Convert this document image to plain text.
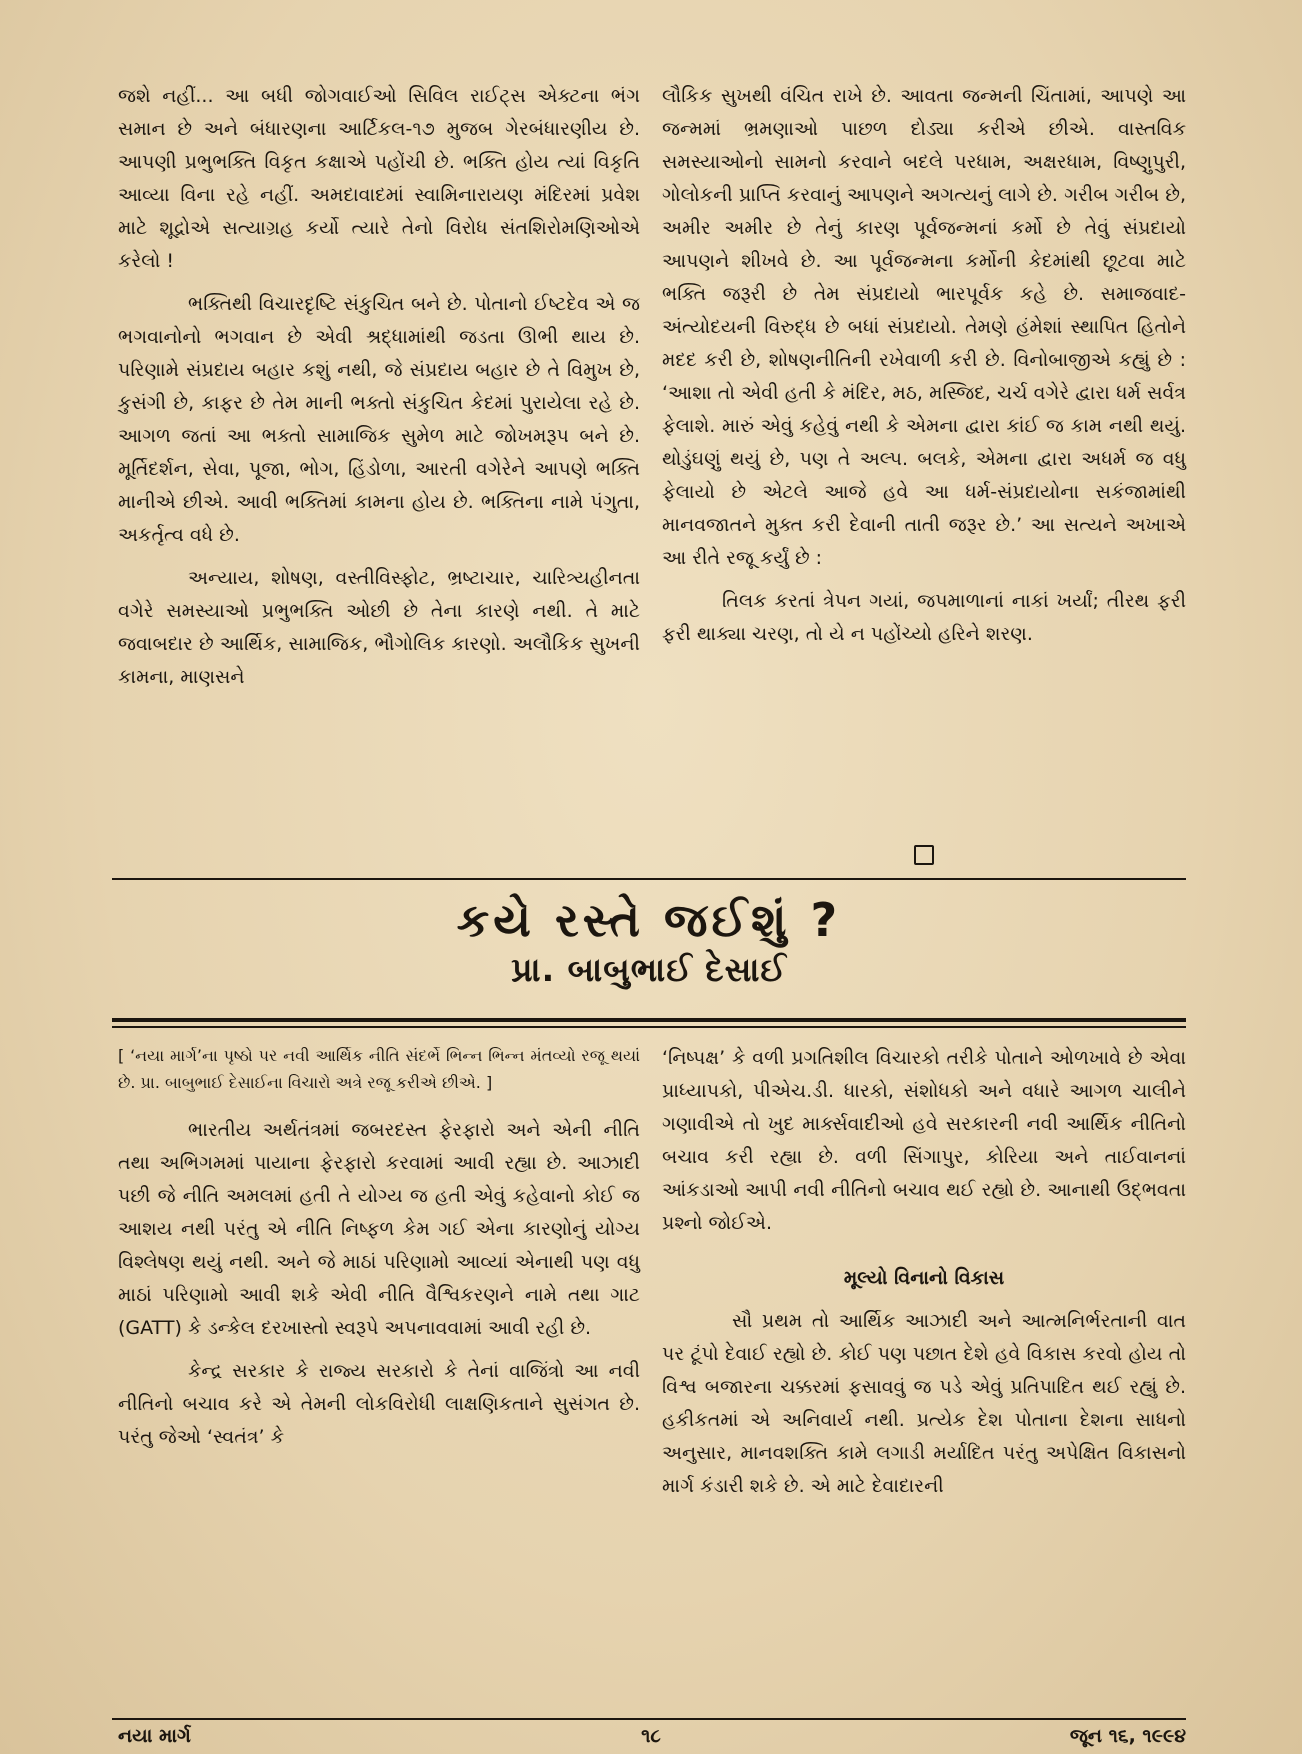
જશે નહીં... આ બધી જોગવાઈઓ સિવિલ રાઈટ્સ એક્ટના ભંગ સમાન છે અને બંધારણના આર્ટિકલ-૧૭ મુજબ ગેરબંધારણીય છે. આપણી પ્રભુભક્તિ વિકૃત કક્ષાએ પહોંચી છે. ભક્તિ હોય ત્યાં વિકૃતિ આવ્યા વિના રહે નહીં. અમદાવાદમાં સ્વામિનારાયણ મંદિરમાં પ્રવેશ માટે શૂદ્રોએ સત્યાગ્રહ કર્યો ત્યારે તેનો વિરોધ સંતશિરોમણિઓએ કરેલો !

ભક્તિથી વિચારદૃષ્ટિ સંકુચિત બને છે. પોતાનો ઈષ્ટદેવ એ જ ભગવાનોનો ભગવાન છે એવી શ્રદ્ધામાંથી જડતા ઊભી થાય છે. પરિણામે સંપ્રદાય બહાર કશું નથી, જે સંપ્રદાય બહાર છે તે વિમુખ છે, કુસંગી છે, કાફર છે તેમ માની ભક્તો સંકુચિત કેદમાં પુરાયેલા રહે છે. આગળ જતાં આ ભક્તો સામાજિક સુમેળ માટે જોખમરૂપ બને છે. મૂર્તિદર્શન, સેવા, પૂજા, ભોગ, હિંડોળા, આરતી વગેરેને આપણે ભક્તિ માનીએ છીએ. આવી ભક્તિમાં કામના હોય છે. ભક્તિના નામે પંગુતા, અકર્તૃત્વ વધે છે.

અન્યાય, શોષણ, વસ્તીવિસ્ફોટ, ભ્રષ્ટાચાર, ચારિત્ર્યહીનતા વગેરે સમસ્યાઓ પ્રભુભક્તિ ઓછી છે તેના કારણે નથી. તે માટે જવાબદાર છે આર્થિક, સામાજિક, ભૌગોલિક કારણો. અલૌકિક સુખની કામના, માણસને

લૌકિક સુખથી વંચિત રાખે છે. આવતા જન્મની ચિંતામાં, આપણે આ જન્મમાં ભ્રમણાઓ પાછળ દોડ્યા કરીએ છીએ. વાસ્તવિક સમસ્યાઓનો સામનો કરવાને બદલે પરધામ, અક્ષરધામ, વિષ્ણુપુરી, ગોલોકની પ્રાપ્તિ કરવાનું આપણને અગત્યનું લાગે છે. ગરીબ ગરીબ છે, અમીર અમીર છે તેનું કારણ પૂર્વજન્મનાં કર્મો છે તેવું સંપ્રદાયો આપણને શીખવે છે. આ પૂર્વજન્મના કર્મોની કેદમાંથી છૂટવા માટે ભક્તિ જરૂરી છે તેમ સંપ્રદાયો ભારપૂર્વક કહે છે. સમાજવાદ-અંત્યોદયની વિરુદ્ધ છે બધાં સંપ્રદાયો. તેમણે હંમેશાં સ્થાપિત હિતોને મદદ કરી છે, શોષણનીતિની રખેવાળી કરી છે. વિનોબાજીએ કહ્યું છે : ‘આશા તો એવી હતી કે મંદિર, મઠ, મસ્જિદ, ચર્ચ વગેરે દ્વારા ધર્મ સર્વત્ર ફેલાશે. મારું એવું કહેવું નથી કે એમના દ્વારા કાંઈ જ કામ નથી થયું. થોડુંઘણું થયું છે, પણ તે અલ્પ. બલકે, એમના દ્વારા અધર્મ જ વધુ ફેલાયો છે એટલે આજે હવે આ ધર્મ-સંપ્રદાયોના સકંજામાંથી માનવજાતને મુક્ત કરી દેવાની તાતી જરૂર છે.’ આ સત્યને અખાએ આ રીતે રજૂ કર્યું છે :

તિલક કરતાં ત્રેપન ગયાં, જપમાળાનાં નાકાં ખર્યાં; તીરથ ફરી ફરી થાક્યા ચરણ, તો યે ન પહોંચ્યો હરિને શરણ.

કયે રસ્તે જઈશું ?
પ્રા. બાબુભાઈ દેસાઈ

[ ‘નયા માર્ગ’ના પૃષ્ઠો પર નવી આર્થિક નીતિ સંદર્ભે ભિન્ન ભિન્ન મંતવ્યો રજૂ થયાં છે. પ્રા. બાબુભાઈ દેસાઈના વિચારો અત્રે રજૂ કરીએ છીએ. ]

ભારતીય અર્થતંત્રમાં જબરદસ્ત ફેરફારો અને એની નીતિ તથા અભિગમમાં પાયાના ફેરફારો કરવામાં આવી રહ્યા છે. આઝાદી પછી જે નીતિ અમલમાં હતી તે યોગ્ય જ હતી એવું કહેવાનો કોઈ જ આશય નથી પરંતુ એ નીતિ નિષ્ફળ કેમ ગઈ એના કારણોનું યોગ્ય વિશ્લેષણ થયું નથી. અને જે માઠાં પરિણામો આવ્યાં એનાથી પણ વધુ માઠાં પરિણામો આવી શકે એવી નીતિ વૈશ્વિકરણને નામે તથા ગાટ (GATT) કે ડન્કેલ દરખાસ્તો સ્વરૂપે અપનાવવામાં આવી રહી છે.

કેન્દ્ર સરકાર કે રાજ્ય સરકારો કે તેનાં વાજિંત્રો આ નવી નીતિનો બચાવ કરે એ તેમની લોકવિરોધી લાક્ષણિકતાને સુસંગત છે. પરંતુ જેઓ ‘સ્વતંત્ર’ કે

‘નિષ્પક્ષ’ કે વળી પ્રગતિશીલ વિચારકો તરીકે પોતાને ઓળખાવે છે એવા પ્રાધ્યાપકો, પીએચ.ડી. ધારકો, સંશોધકો અને વધારે આગળ ચાલીને ગણાવીએ તો ખુદ માર્ક્સવાદીઓ હવે સરકારની નવી આર્થિક નીતિનો બચાવ કરી રહ્યા છે. વળી સિંગાપુર, કોરિયા અને તાઈવાનનાં આંકડાઓ આપી નવી નીતિનો બચાવ થઈ રહ્યો છે. આનાથી ઉદ્‌ભવતા પ્રશ્નો જોઈએ.

મૂલ્યો વિનાનો વિકાસ

સૌ પ્રથમ તો આર્થિક આઝાદી અને આત્મનિર્ભરતાની વાત પર ટૂંપો દેવાઈ રહ્યો છે. કોઈ પણ પછાત દેશે હવે વિકાસ કરવો હોય તો વિશ્વ બજારના ચક્કરમાં ફસાવવું જ પડે એવું પ્રતિપાદિત થઈ રહ્યું છે. હકીકતમાં એ અનિવાર્ય નથી. પ્રત્યેક દેશ પોતાના દેશના સાધનો અનુસાર, માનવશક્તિ કામે લગાડી મર્યાદિત પરંતુ અપેક્ષિત વિકાસનો માર્ગ કંડારી શકે છે. એ માટે દેવાદારની

નયા માર્ગ	૧૮	જૂન ૧૬, ૧૯૯૪
